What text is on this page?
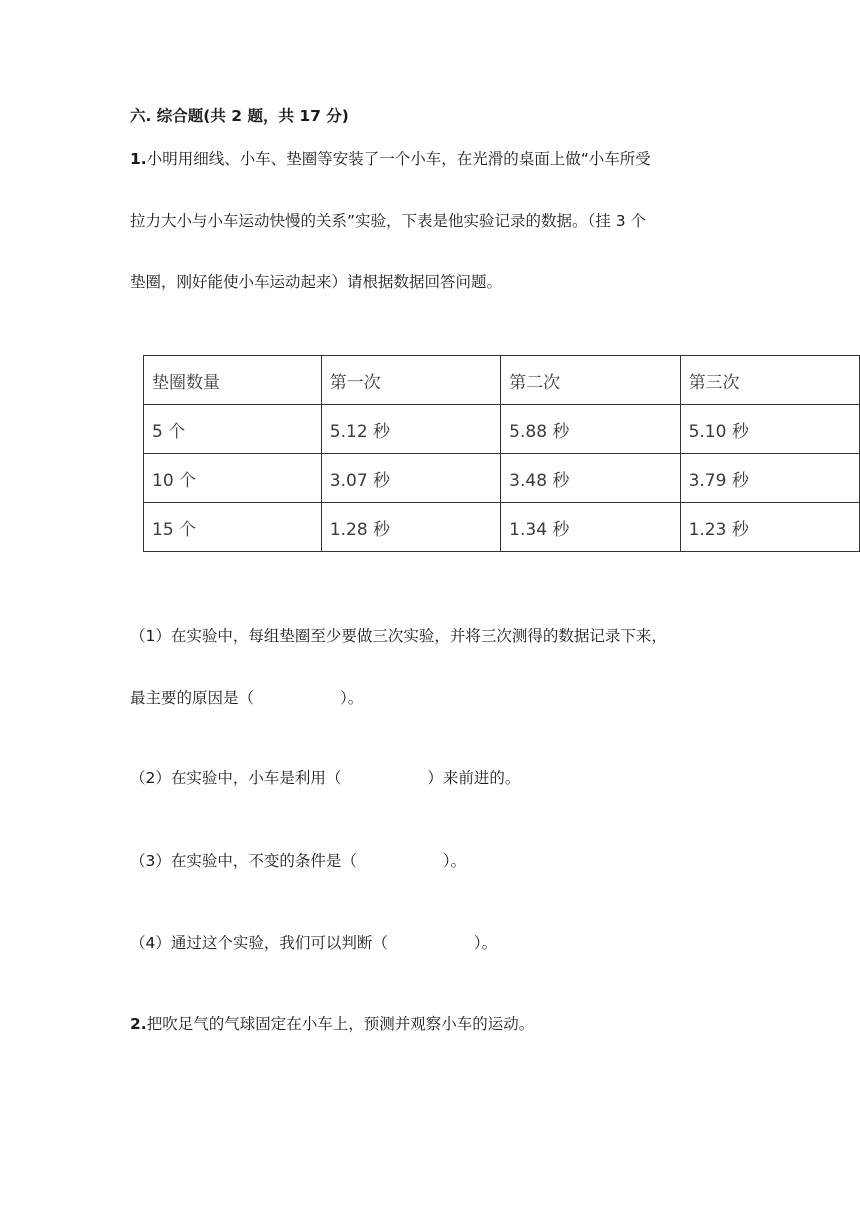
六. 综合题(共 2 题，共 17 分)
1.小明用细线、小车、垫圈等安装了一个小车，在光滑的桌面上做“小车所受
拉力大小与小车运动快慢的关系”实验，下表是他实验记录的数据。（挂 3 个
垫圈，刚好能使小车运动起来）请根据数据回答问题。
垫圈数量	第一次	第二次	第三次
5 个	5.12 秒	5.88 秒	5.10 秒
10 个	3.07 秒	3.48 秒	3.79 秒
15 个	1.28 秒	1.34 秒	1.23 秒
（1）在实验中，每组垫圈至少要做三次实验，并将三次测得的数据记录下来，
最主要的原因是（	）。
（2）在实验中，小车是利用（	）来前进的。
（3）在实验中，不变的条件是（	）。
（4）通过这个实验，我们可以判断（	）。
2.把吹足气的气球固定在小车上，预测并观察小车的运动。
